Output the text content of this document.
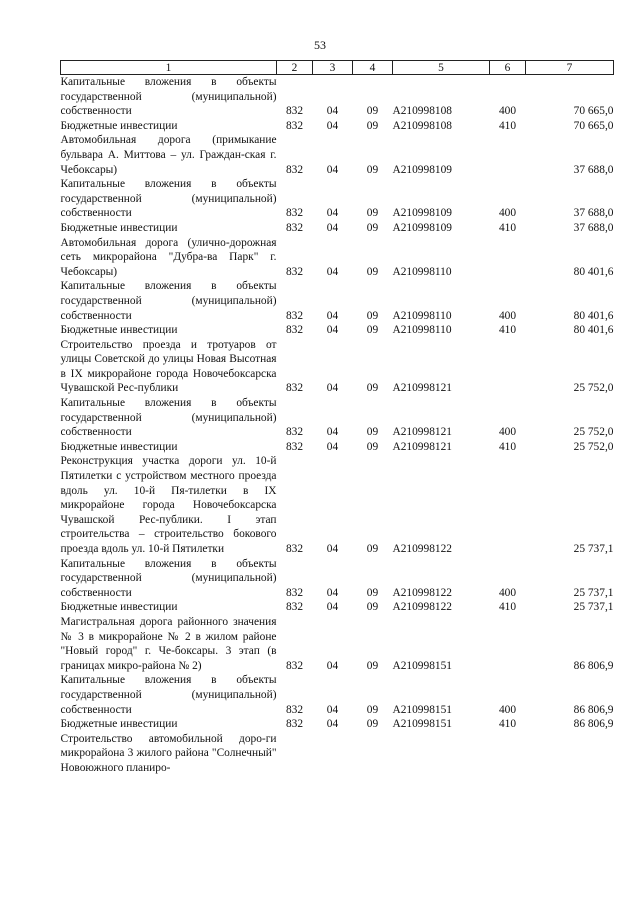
53
1	2	3	4	5	6	7
Капитальные вложения в объекты государственной (муниципальной) собственности	832	04	09	А210998108	400	70 665,0
Бюджетные инвестиции	832	04	09	А210998108	410	70 665,0
Автомобильная дорога (примыкание бульвара А. Миттова – ул. Граждан-ская г. Чебоксары)	832	04	09	А210998109		37 688,0
Капитальные вложения в объекты государственной (муниципальной) собственности	832	04	09	А210998109	400	37 688,0
Бюджетные инвестиции	832	04	09	А210998109	410	37 688,0
Автомобильная дорога (улично-дорожная сеть микрорайона "Дубра-ва Парк" г. Чебоксары)	832	04	09	А210998110		80 401,6
Капитальные вложения в объекты государственной (муниципальной) собственности	832	04	09	А210998110	400	80 401,6
Бюджетные инвестиции	832	04	09	А210998110	410	80 401,6
Строительство проезда и тротуаров от улицы Советской до улицы Новая Высотная в IX микрорайоне города Новочебоксарска Чувашской Рес-публики	832	04	09	А210998121		25 752,0
Капитальные вложения в объекты государственной (муниципальной) собственности	832	04	09	А210998121	400	25 752,0
Бюджетные инвестиции	832	04	09	А210998121	410	25 752,0
Реконструкция участка дороги ул. 10-й Пятилетки с устройством местного проезда вдоль ул. 10-й Пя-тилетки в IX микрорайоне города Новочебоксарска Чувашской Рес-публики. I этап строительства – строительство бокового проезда вдоль ул. 10-й Пятилетки	832	04	09	А210998122		25 737,1
Капитальные вложения в объекты государственной (муниципальной) собственности	832	04	09	А210998122	400	25 737,1
Бюджетные инвестиции	832	04	09	А210998122	410	25 737,1
Магистральная дорога районного значения № 3 в микрорайоне № 2 в жилом районе "Новый город" г. Че-боксары. 3 этап (в границах микро-района № 2)	832	04	09	А210998151		86 806,9
Капитальные вложения в объекты государственной (муниципальной) собственности	832	04	09	А210998151	400	86 806,9
Бюджетные инвестиции	832	04	09	А210998151	410	86 806,9
Строительство автомобильной доро-ги микрорайона 3 жилого района "Солнечный" Новоюжного планиро-						
